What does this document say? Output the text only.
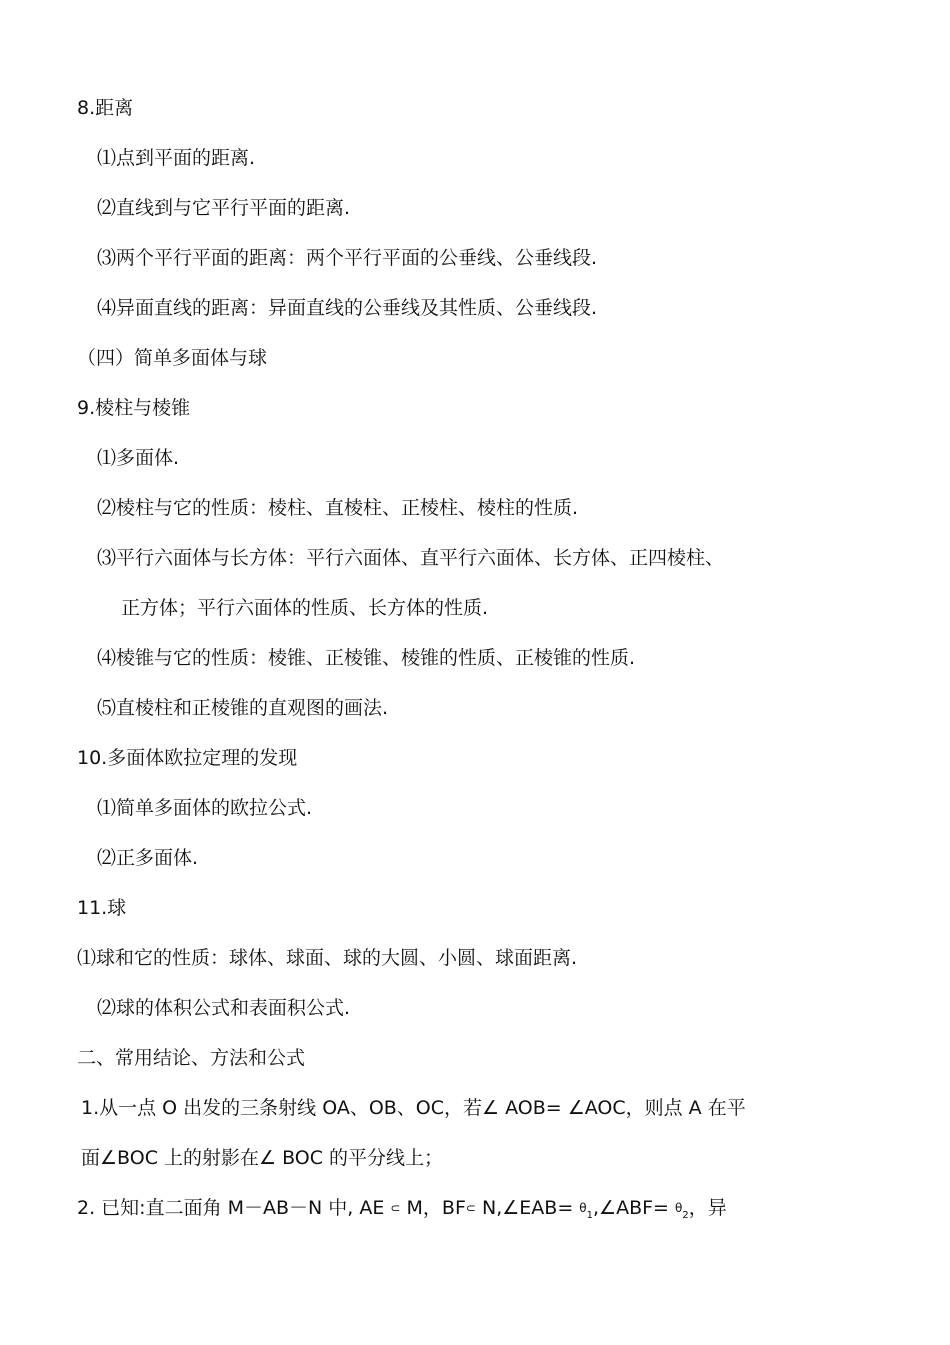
8.距离
⑴点到平面的距离.
⑵直线到与它平行平面的距离.
⑶两个平行平面的距离：两个平行平面的公垂线、公垂线段.
⑷异面直线的距离：异面直线的公垂线及其性质、公垂线段.
（四）简单多面体与球
9.棱柱与棱锥
⑴多面体.
⑵棱柱与它的性质：棱柱、直棱柱、正棱柱、棱柱的性质.
⑶平行六面体与长方体：平行六面体、直平行六面体、长方体、正四棱柱、
正方体；平行六面体的性质、长方体的性质.
⑷棱锥与它的性质：棱锥、正棱锥、棱锥的性质、正棱锥的性质.
⑸直棱柱和正棱锥的直观图的画法.
10.多面体欧拉定理的发现
⑴简单多面体的欧拉公式.
⑵正多面体.
11.球
⑴球和它的性质：球体、球面、球的大圆、小圆、球面距离.
⑵球的体积公式和表面积公式.
二、常用结论、方法和公式
1.从一点 O 出发的三条射线 OA、OB、OC，若∠ AOB= ∠AOC，则点 A 在平
面∠BOC 上的射影在∠ BOC 的平分线上；
2. 已知:直二面角 M－AB－N 中, AE ⊂ M，BF⊂ N,∠EAB= $\theta_1,\angle ABF= \theta_2$，异
